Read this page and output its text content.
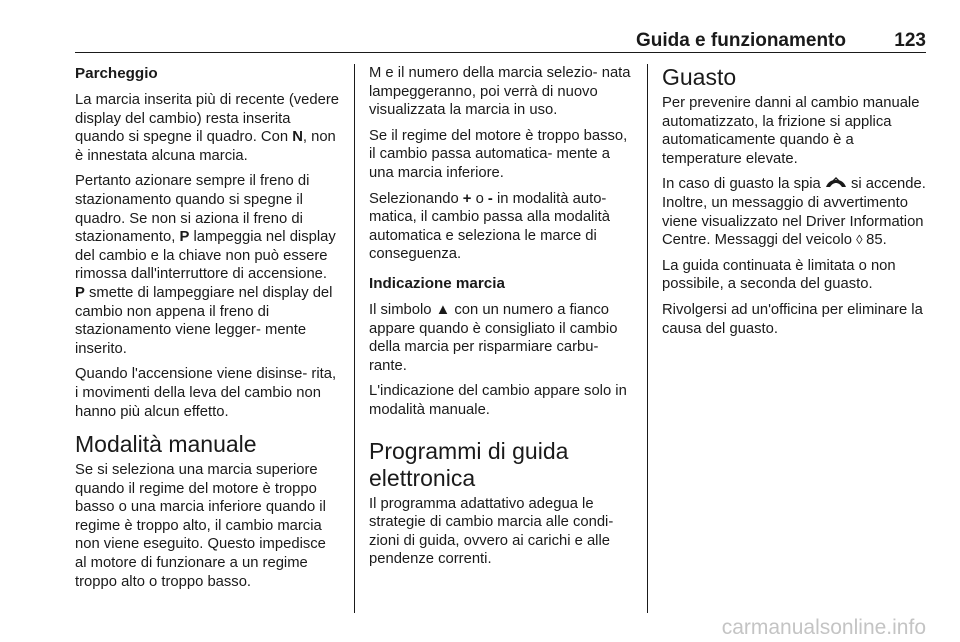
Guida e funzionamento	123
Parcheggio

La marcia inserita più di recente (vedere display del cambio) resta inserita quando si spegne il quadro. Con N, non è innestata alcuna marcia.

Pertanto azionare sempre il freno di stazionamento quando si spegne il quadro. Se non si aziona il freno di stazionamento, P lampeggia nel display del cambio e la chiave non può essere rimossa dall'interruttore di accensione. P smette di lampeggiare nel display del cambio non appena il freno di stazionamento viene legger‐ mente inserito.

Quando l'accensione viene disinse‐ rita, i movimenti della leva del cambio non hanno più alcun effetto.

Modalità manuale

Se si seleziona una marcia superiore quando il regime del motore è troppo basso o una marcia inferiore quando il regime è troppo alto, il cambio marcia non viene eseguito. Questo impedisce al motore di funzionare a un regime troppo alto o troppo basso.

M e il numero della marcia selezio‐ nata lampeggeranno, poi verrà di nuovo visualizzata la marcia in uso.

Se il regime del motore è troppo basso, il cambio passa automatica‐ mente a una marcia inferiore.

Selezionando + o - in modalità auto‐ matica, il cambio passa alla modalità automatica e seleziona le marce di conseguenza.

Indicazione marcia

Il simbolo ▲ con un numero a fianco appare quando è consigliato il cambio della marcia per risparmiare carbu‐ rante.

L'indicazione del cambio appare solo in modalità manuale.

Programmi di guida elettronica

Il programma adattativo adegua le strategie di cambio marcia alle condi‐ zioni di guida, ovvero ai carichi e alle pendenze correnti.

Guasto

Per prevenire danni al cambio manuale automatizzato, la frizione si applica automaticamente quando è a temperature elevate.

In caso di guasto la spia  si accende. Inoltre, un messaggio di avvertimento viene visualizzato nel Driver Information Centre. Messaggi del veicolo ◊ 85.

La guida continuata è limitata o non possibile, a seconda del guasto.

Rivolgersi ad un'officina per eliminare la causa del guasto.

carmanualsonline.info
